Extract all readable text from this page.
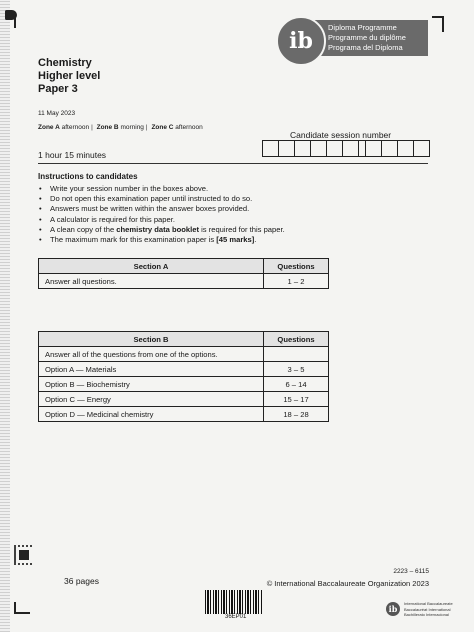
ib
Diploma Programme
Programme du diplôme
Programa del Diploma
Chemistry
Higher level
Paper 3
11 May 2023
Zone A afternoon | Zone B morning | Zone C afternoon
Candidate session number
1 hour 15 minutes
Instructions to candidates
• Write your session number in the boxes above.
• Do not open this examination paper until instructed to do so.
• Answers must be written within the answer boxes provided.
• A calculator is required for this paper.
• A clean copy of the chemistry data booklet is required for this paper.
• The maximum mark for this examination paper is [45 marks].
Section A	Questions
Answer all questions.	1 – 2
Section B	Questions
Answer all of the questions from one of the options.	
Option A — Materials	3 – 5
Option B — Biochemistry	6 – 14
Option C — Energy	15 – 17
Option D — Medicinal chemistry	18 – 28
36 pages
2223 – 6115
© International Baccalaureate Organization 2023
36EP01
ib
International Baccalaureate
Baccalauréat International
Bachillerato Internacional
